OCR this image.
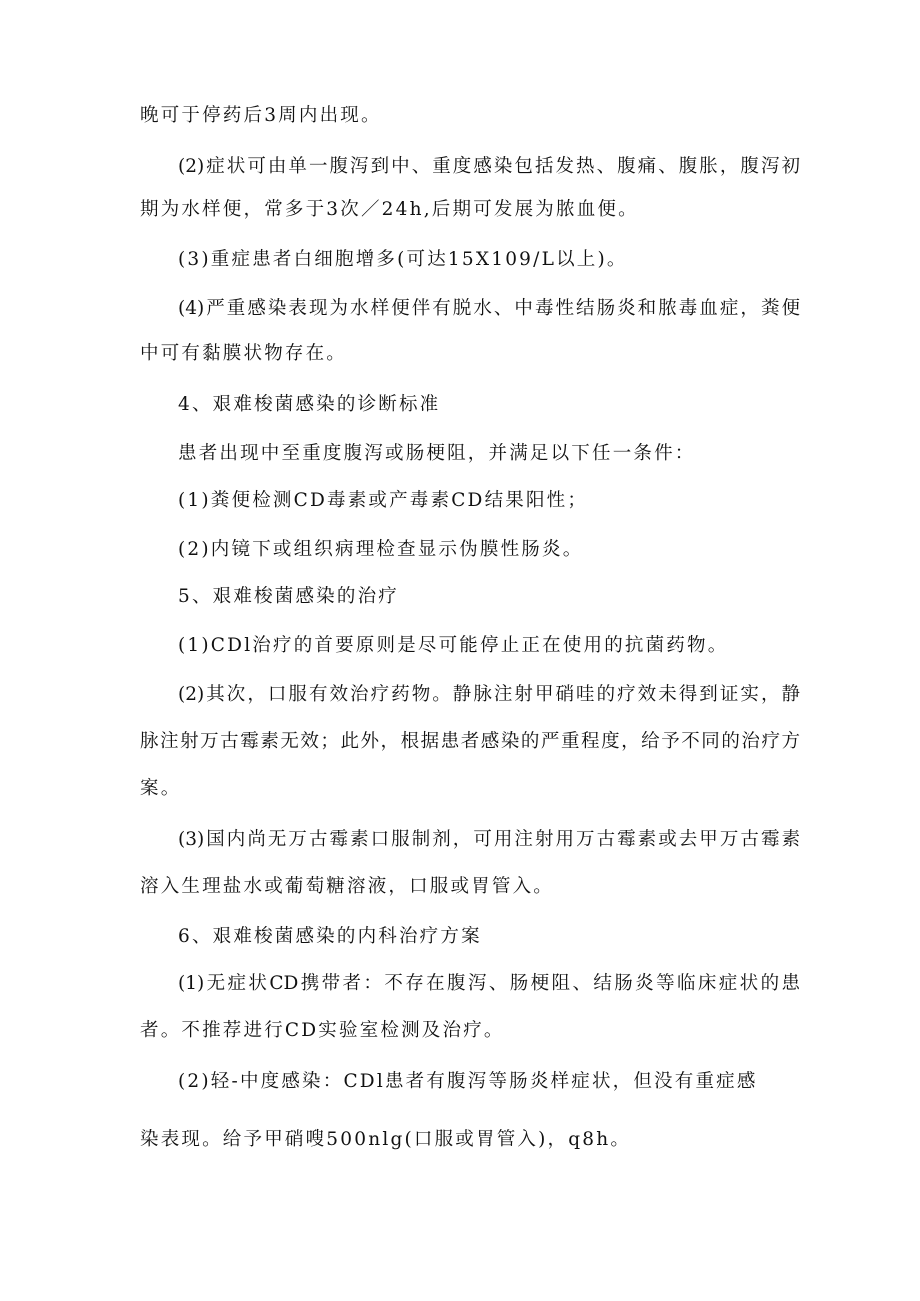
晚可于停药后3周内出现。
(2)症状可由单一腹泻到中、重度感染包括发热、腹痛、腹胀，腹泻初
期为水样便，常多于3次／24h,后期可发展为脓血便。
(3)重症患者白细胞增多(可达15X109/L以上)。
(4)严重感染表现为水样便伴有脱水、中毒性结肠炎和脓毒血症，粪便
中可有黏膜状物存在。
4、艰难梭菌感染的诊断标准
患者出现中至重度腹泻或肠梗阻，并满足以下任一条件：
(1)粪便检测CD毒素或产毒素CD结果阳性；
(2)内镜下或组织病理检查显示伪膜性肠炎。
5、艰难梭菌感染的治疗
(1)CDl治疗的首要原则是尽可能停止正在使用的抗菌药物。
(2)其次，口服有效治疗药物。静脉注射甲硝哇的疗效未得到证实，静
脉注射万古霉素无效；此外，根据患者感染的严重程度，给予不同的治疗方
案。
(3)国内尚无万古霉素口服制剂，可用注射用万古霉素或去甲万古霉素
溶入生理盐水或葡萄糖溶液，口服或胃管入。
6、艰难梭菌感染的内科治疗方案
(1)无症状CD携带者：不存在腹泻、肠梗阻、结肠炎等临床症状的患
者。不推荐进行CD实验室检测及治疗。
(2)轻-中度感染：CDl患者有腹泻等肠炎样症状，但没有重症感
染表现。给予甲硝嗖500nlg(口服或胃管入)，q8h。
